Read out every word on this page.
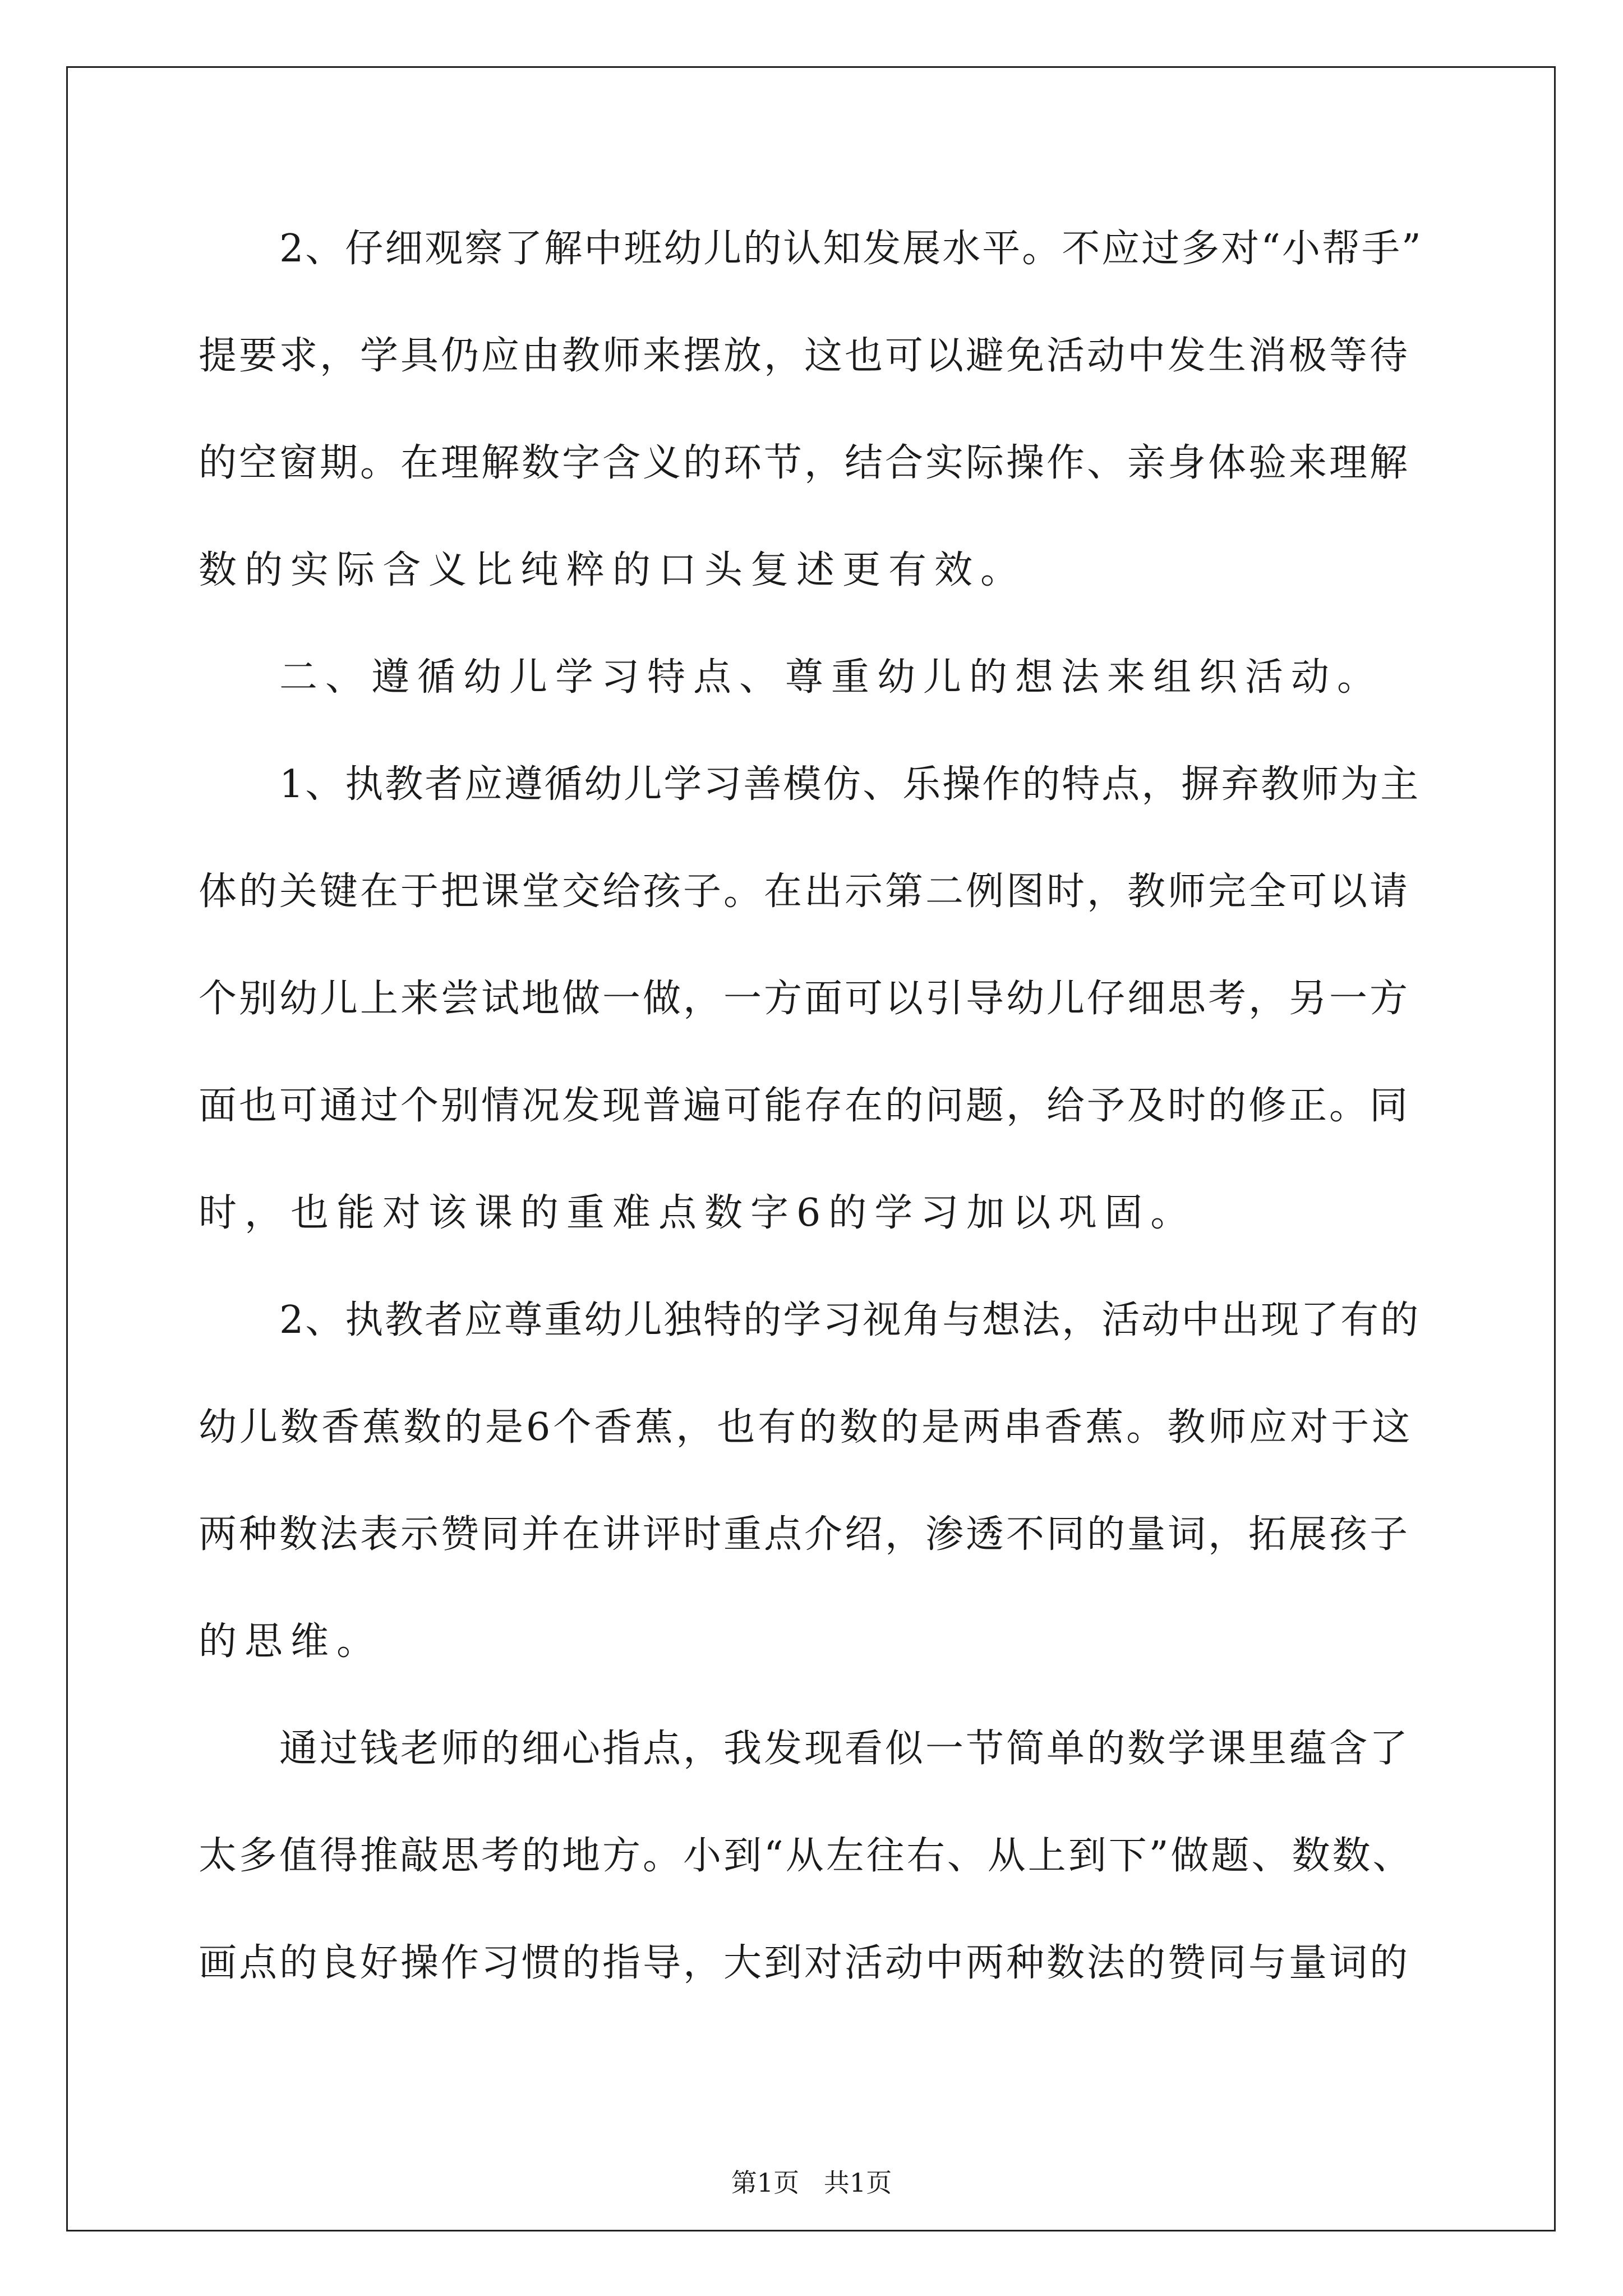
2、仔细观察了解中班幼儿的认知发展水平。不应过多对“小帮手”
提要求，学具仍应由教师来摆放，这也可以避免活动中发生消极等待
的空窗期。在理解数字含义的环节，结合实际操作、亲身体验来理解
数的实际含义比纯粹的口头复述更有效。
二、遵循幼儿学习特点、尊重幼儿的想法来组织活动。
1、执教者应遵循幼儿学习善模仿、乐操作的特点，摒弃教师为主
体的关键在于把课堂交给孩子。在出示第二例图时，教师完全可以请
个别幼儿上来尝试地做一做，一方面可以引导幼儿仔细思考，另一方
面也可通过个别情况发现普遍可能存在的问题，给予及时的修正。同
时，也能对该课的重难点数字6的学习加以巩固。
2、执教者应尊重幼儿独特的学习视角与想法，活动中出现了有的
幼儿数香蕉数的是6个香蕉，也有的数的是两串香蕉。教师应对于这
两种数法表示赞同并在讲评时重点介绍，渗透不同的量词，拓展孩子
的思维。
通过钱老师的细心指点，我发现看似一节简单的数学课里蕴含了
太多值得推敲思考的地方。小到“从左往右、从上到下”做题、数数、
画点的良好操作习惯的指导，大到对活动中两种数法的赞同与量词的
第1页   共1页
